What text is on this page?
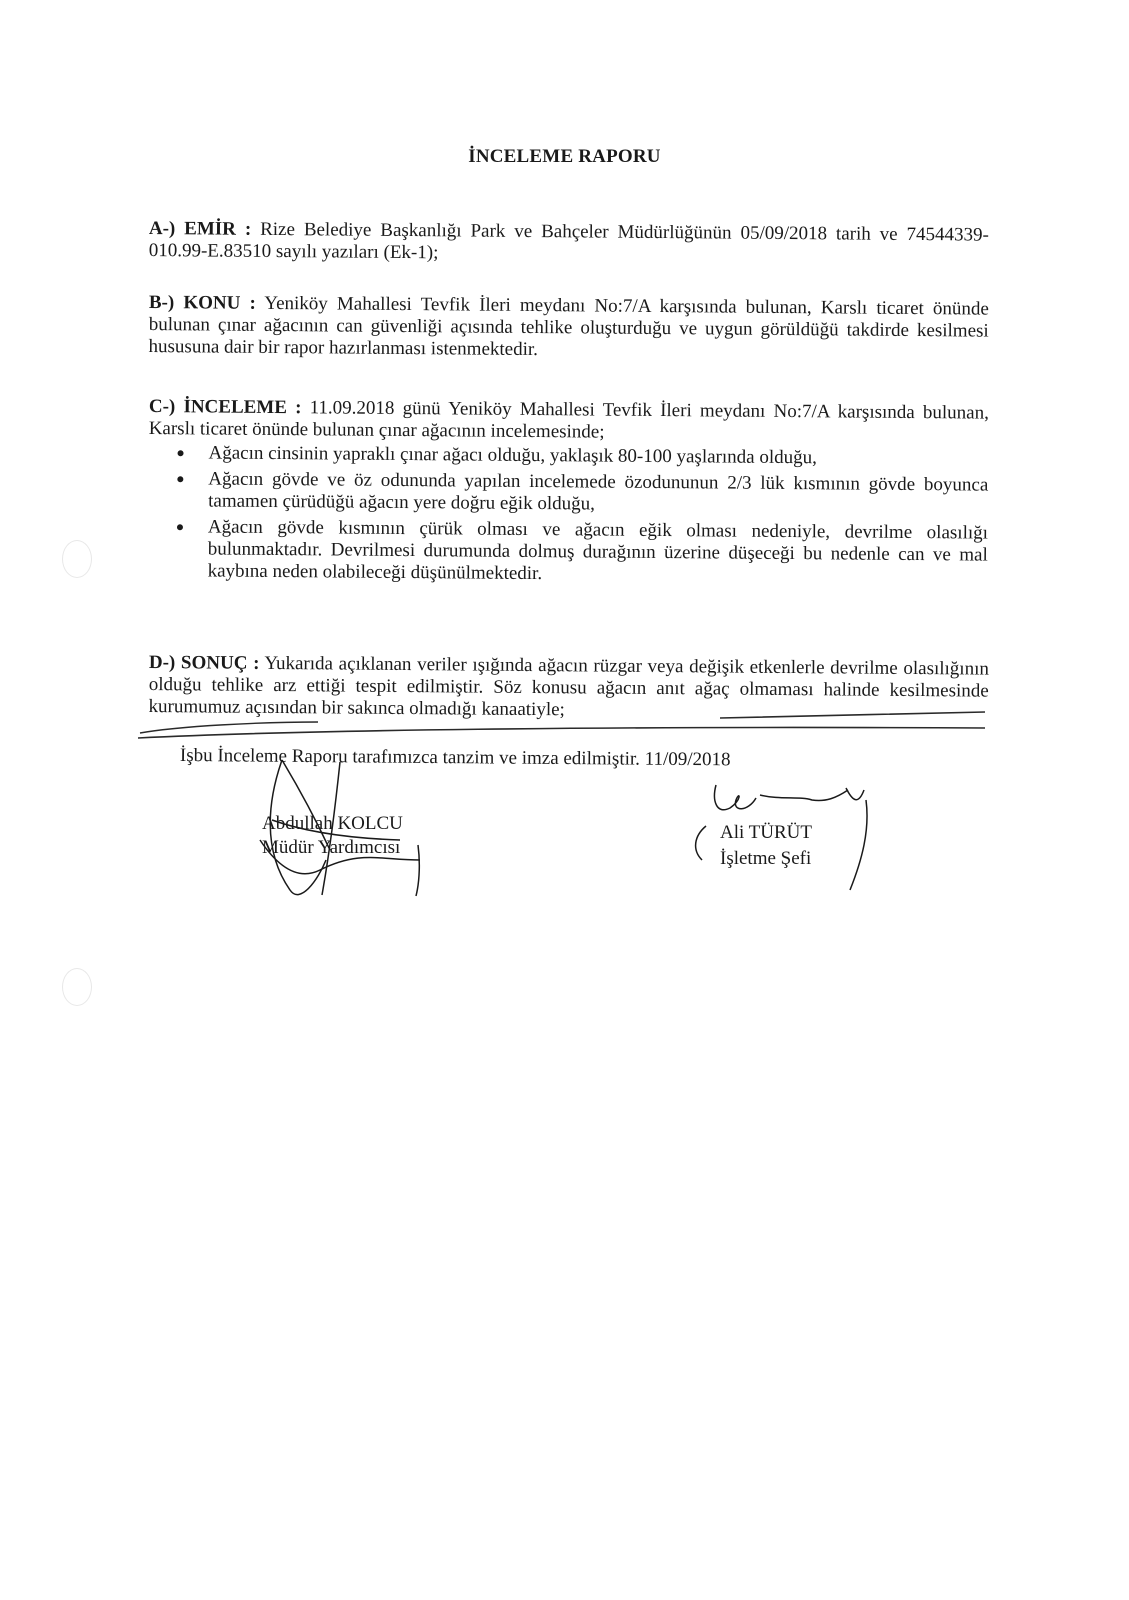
İNCELEME RAPORU
A-) EMİR : Rize Belediye Başkanlığı Park ve Bahçeler Müdürlüğünün 05/09/2018 tarih ve 74544339-010.99-E.83510 sayılı yazıları (Ek-1);
B-) KONU : Yeniköy Mahallesi Tevfik İleri meydanı No:7/A karşısında bulunan, Karslı ticaret önünde bulunan çınar ağacının can güvenliği açısında tehlike oluşturduğu ve uygun görüldüğü takdirde kesilmesi hususuna dair bir rapor hazırlanması istenmektedir.
C-) İNCELEME : 11.09.2018 günü Yeniköy Mahallesi Tevfik İleri meydanı No:7/A karşısında bulunan, Karslı ticaret önünde bulunan çınar ağacının incelemesinde;
Ağacın cinsinin yapraklı çınar ağacı olduğu, yaklaşık 80-100 yaşlarında olduğu,
Ağacın gövde ve öz odununda yapılan incelemede özodununun 2/3 lük kısmının gövde boyunca tamamen çürüdüğü ağacın yere doğru eğik olduğu,
Ağacın gövde kısmının çürük olması ve ağacın eğik olması nedeniyle, devrilme olasılığı bulunmaktadır. Devrilmesi durumunda dolmuş durağının üzerine düşeceği bu nedenle can ve mal kaybına neden olabileceği düşünülmektedir.
D-) SONUÇ : Yukarıda açıklanan veriler ışığında ağacın rüzgar veya değişik etkenlerle devrilme olasılığının olduğu tehlike arz ettiği tespit edilmiştir. Söz konusu ağacın anıt ağaç olmaması halinde kesilmesinde kurumumuz açısından bir sakınca olmadığı kanaatiyle;
İşbu İnceleme Raporu tarafımızca tanzim ve imza edilmiştir. 11/09/2018
Abdullah KOLCU
Müdür Yardımcısı
Ali TÜRÜT
İşletme Şefi
